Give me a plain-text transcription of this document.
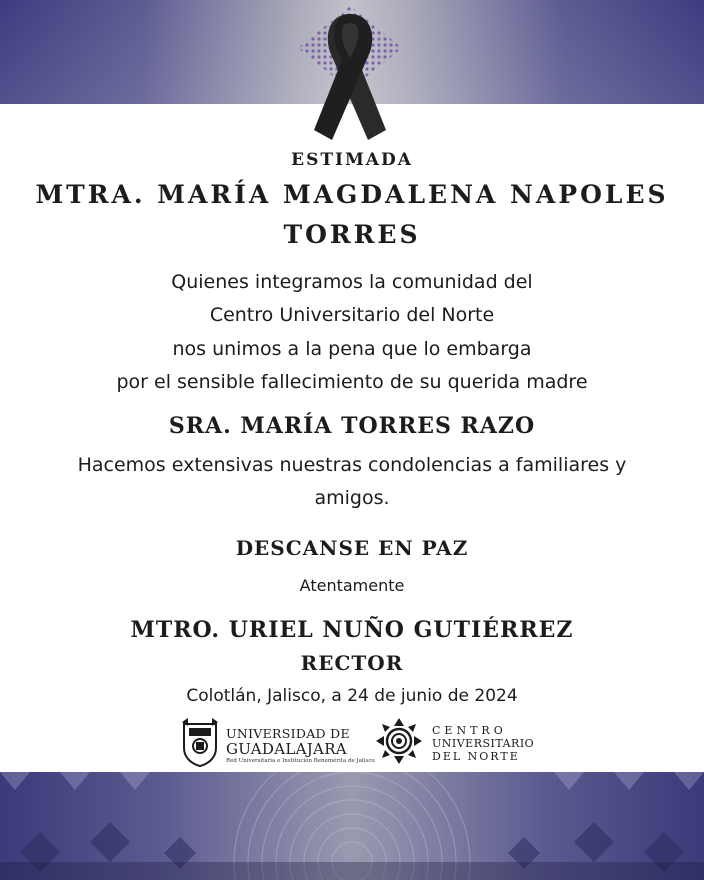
ESTIMADA
MTRA. MARÍA MAGDALENA NAPOLES
TORRES
Quienes integramos la comunidad del
Centro Universitario del Norte
nos unimos a la pena que lo embarga
por el sensible fallecimiento de su querida madre
SRA. MARÍA TORRES RAZO
Hacemos extensivas nuestras condolencias a familiares y
amigos.
DESCANSE EN PAZ
Atentamente
MTRO. URIEL NUÑO GUTIÉRREZ
RECTOR
Colotlán, Jalisco, a 24 de junio de 2024
UNIVERSIDAD DE
GUADALAJARA
Red Universitaria e Institución Benemérita de Jalisco
CENTRO
UNIVERSITARIO
DEL NORTE
